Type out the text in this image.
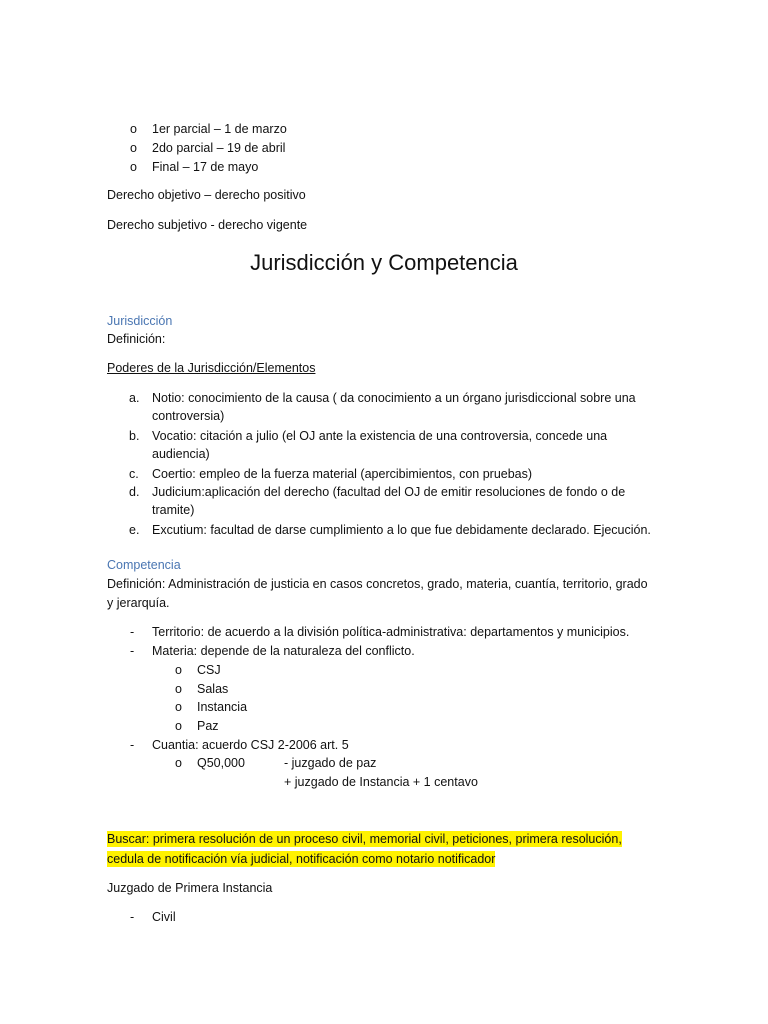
o 1er parcial – 1 de marzo
o 2do parcial – 19 de abril
o Final – 17 de mayo
Derecho objetivo – derecho positivo
Derecho subjetivo - derecho vigente
Jurisdicción y Competencia
Jurisdicción
Definición:
Poderes de la Jurisdicción/Elementos
a. Notio: conocimiento de la causa ( da conocimiento a un órgano jurisdiccional sobre una
controversia)
b. Vocatio: citación a julio (el OJ ante la existencia de una controversia, concede una
audiencia)
c. Coertio: empleo de la fuerza material (apercibimientos, con pruebas)
d. Judicium:aplicación del derecho (facultad del OJ de emitir resoluciones de fondo o de
tramite)
e. Excutium: facultad de darse cumplimiento a lo que fue debidamente declarado. Ejecución.
Competencia
Definición: Administración de justicia en casos concretos, grado, materia, cuantía, territorio, grado
y jerarquía.
- Territorio: de acuerdo a la división política-administrativa: departamentos y municipios.
- Materia: depende de la naturaleza del conflicto.
o CSJ
o Salas
o Instancia
o Paz
- Cuantia: acuerdo CSJ 2-2006 art. 5
o Q50,000	- juzgado de paz
+ juzgado de Instancia + 1 centavo
Buscar: primera resolución de un proceso civil, memorial civil, peticiones, primera resolución,
cedula de notificación vía judicial, notificación como notario notificador
Juzgado de Primera Instancia
- Civil
